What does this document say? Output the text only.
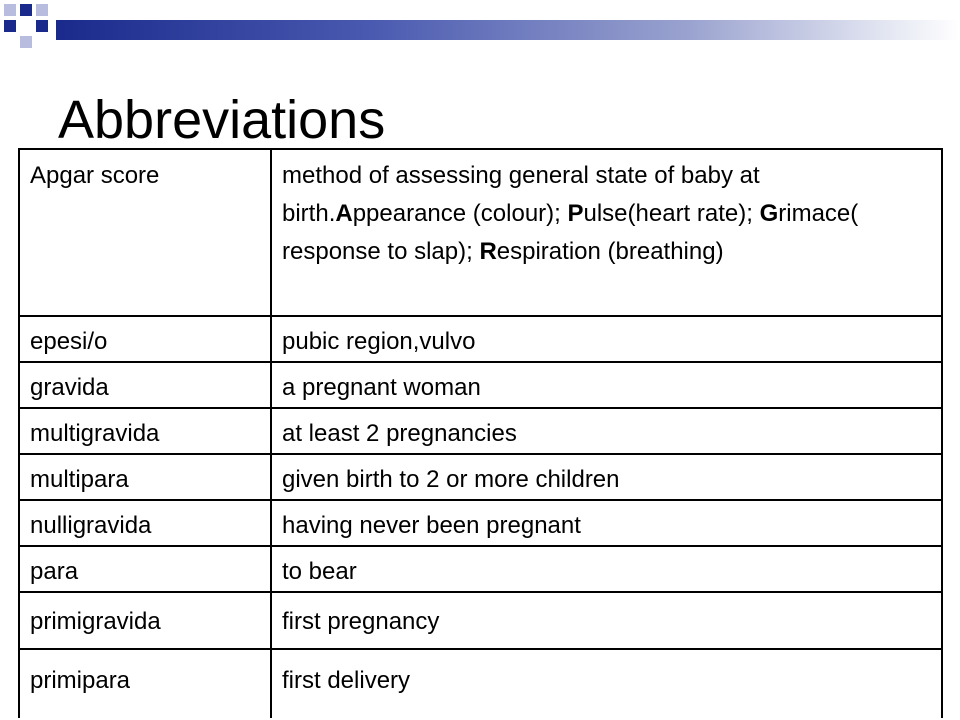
Abbreviations
Apgar score	method of assessing general state of baby at birth.Appearance (colour); Pulse(heart rate); Grimace( response to slap); Respiration (breathing)
epesi/o	pubic region,vulvo
gravida	a pregnant woman
multigravida	at least 2 pregnancies
multipara	given birth to 2 or more children
nulligravida	having never been pregnant
para	to bear
primigravida	first pregnancy
primipara	first delivery
